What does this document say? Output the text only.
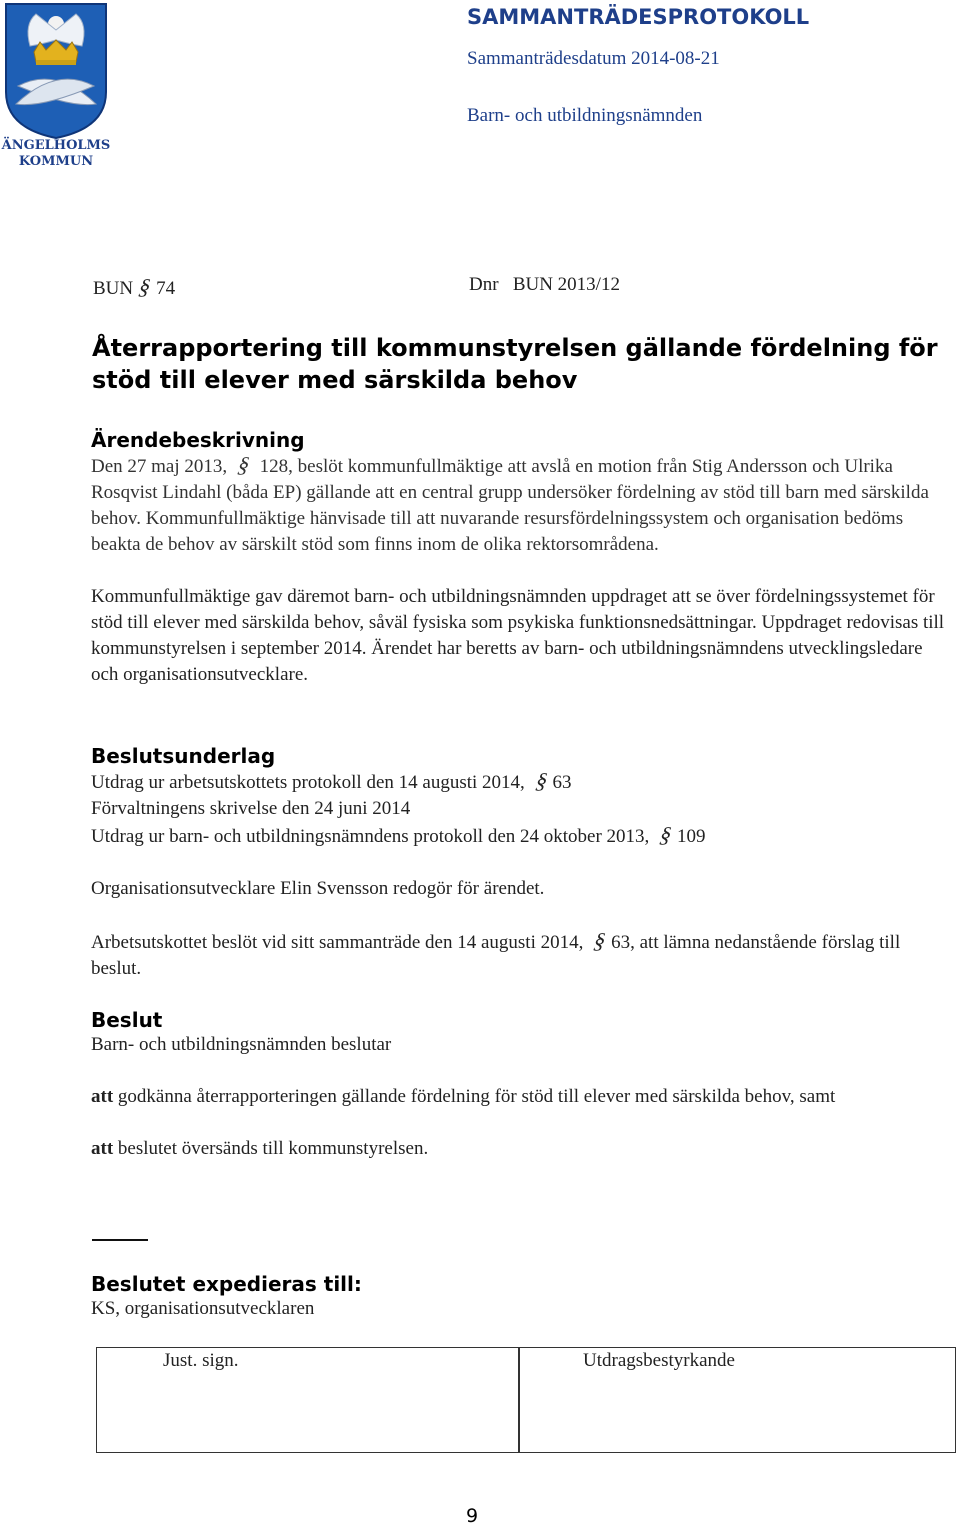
ÄNGELHOLMS
KOMMUN
SAMMANTRÄDESPROTOKOLL
Sammanträdesdatum 2014-08-21
Barn- och utbildningsnämnden
BUN § 74	Dnr BUN 2013/12
Återrapportering till kommunstyrelsen gällande fördelning för stöd till elever med särskilda behov
Ärendebeskrivning
Den 27 maj 2013, § 128, beslöt kommunfullmäktige att avslå en motion från Stig Andersson och Ulrika Rosqvist Lindahl (båda EP) gällande att en central grupp undersöker fördelning av stöd till barn med särskilda behov. Kommunfullmäktige hänvisade till att nuvarande resursfördelningssystem och organisation bedöms beakta de behov av särskilt stöd som finns inom de olika rektorsområdena.
Kommunfullmäktige gav däremot barn- och utbildningsnämnden uppdraget att se över fördelningssystemet för stöd till elever med särskilda behov, såväl fysiska som psykiska funktionsnedsättningar. Uppdraget redovisas till kommunstyrelsen i september 2014. Ärendet har beretts av barn- och utbildningsnämndens utvecklingsledare och organisationsutvecklare.
Beslutsunderlag
Utdrag ur arbetsutskottets protokoll den 14 augusti 2014, § 63
Förvaltningens skrivelse den 24 juni 2014
Utdrag ur barn- och utbildningsnämndens protokoll den 24 oktober 2013, § 109
Organisationsutvecklare Elin Svensson redogör för ärendet.
Arbetsutskottet beslöt vid sitt sammanträde den 14 augusti 2014, § 63, att lämna nedanstående förslag till beslut.
Beslut
Barn- och utbildningsnämnden beslutar
att godkänna återrapporteringen gällande fördelning för stöd till elever med särskilda behov, samt
att beslutet översänds till kommunstyrelsen.
Beslutet expedieras till:
KS, organisationsutvecklaren
Just. sign.	Utdragsbestyrkande
9
